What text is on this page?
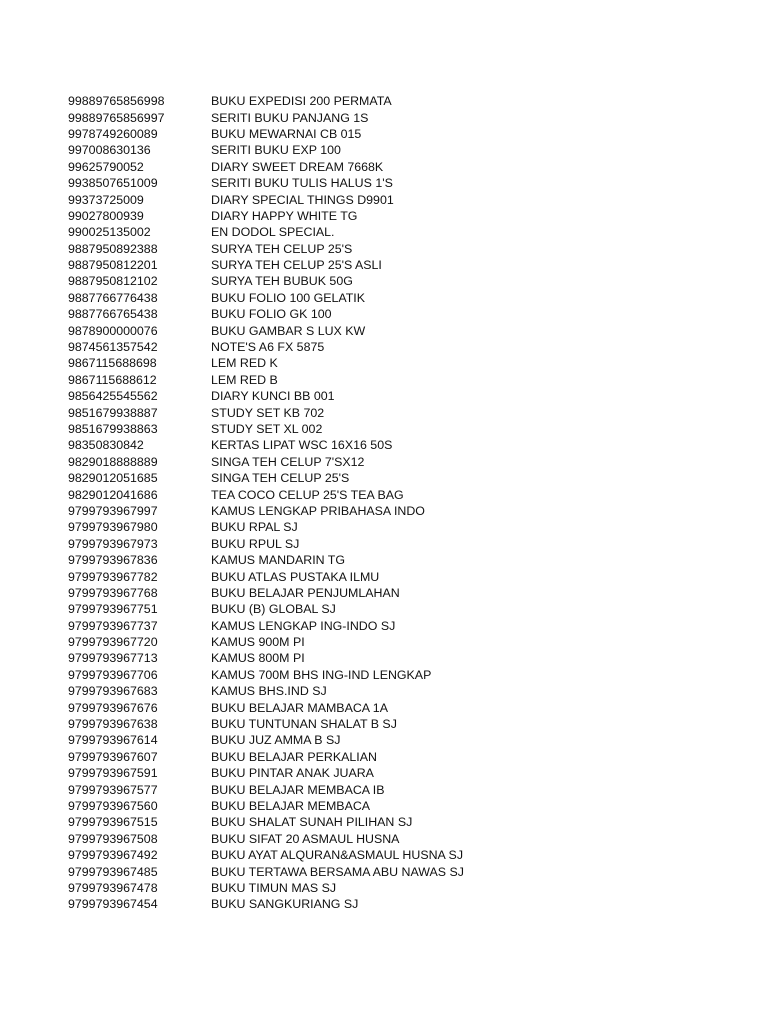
99889765856998	BUKU EXPEDISI 200 PERMATA
99889765856997	SERITI BUKU PANJANG 1S
9978749260089	BUKU MEWARNAI CB 015
997008630136	SERITI BUKU EXP 100
99625790052	DIARY SWEET DREAM 7668K
9938507651009	SERITI BUKU TULIS HALUS 1'S
99373725009	DIARY SPECIAL THINGS D9901
99027800939	DIARY HAPPY WHITE TG
990025135002	EN DODOL SPECIAL.
9887950892388	SURYA TEH CELUP 25'S
9887950812201	SURYA TEH CELUP 25'S ASLI
9887950812102	SURYA TEH BUBUK 50G
9887766776438	BUKU FOLIO 100 GELATIK
9887766765438	BUKU FOLIO GK 100
9878900000076	BUKU GAMBAR S LUX KW
9874561357542	NOTE'S A6 FX 5875
9867115688698	LEM RED K
9867115688612	LEM RED B
9856425545562	DIARY KUNCI BB 001
9851679938887	STUDY SET KB 702
9851679938863	STUDY SET XL 002
98350830842	KERTAS LIPAT WSC 16X16 50S
9829018888889	SINGA TEH CELUP 7'SX12
9829012051685	SINGA TEH CELUP 25'S
9829012041686	TEA COCO CELUP 25'S TEA BAG
9799793967997	KAMUS LENGKAP PRIBAHASA INDO
9799793967980	BUKU RPAL SJ
9799793967973	BUKU RPUL SJ
9799793967836	KAMUS MANDARIN TG
9799793967782	BUKU ATLAS PUSTAKA ILMU
9799793967768	BUKU BELAJAR PENJUMLAHAN
9799793967751	BUKU (B) GLOBAL SJ
9799793967737	KAMUS LENGKAP ING-INDO SJ
9799793967720	KAMUS 900M PI
9799793967713	KAMUS 800M PI
9799793967706	KAMUS 700M BHS ING-IND LENGKAP
9799793967683	KAMUS BHS.IND SJ
9799793967676	BUKU BELAJAR MAMBACA 1A
9799793967638	BUKU TUNTUNAN SHALAT B SJ
9799793967614	BUKU JUZ AMMA B SJ
9799793967607	BUKU BELAJAR PERKALIAN
9799793967591	BUKU PINTAR ANAK JUARA
9799793967577	BUKU BELAJAR MEMBACA IB
9799793967560	BUKU BELAJAR MEMBACA
9799793967515	BUKU SHALAT SUNAH PILIHAN SJ
9799793967508	BUKU SIFAT 20 ASMAUL HUSNA
9799793967492	BUKU AYAT ALQURAN&ASMAUL HUSNA SJ
9799793967485	BUKU TERTAWA BERSAMA ABU NAWAS SJ
9799793967478	BUKU TIMUN MAS SJ
9799793967454	BUKU SANGKURIANG SJ
